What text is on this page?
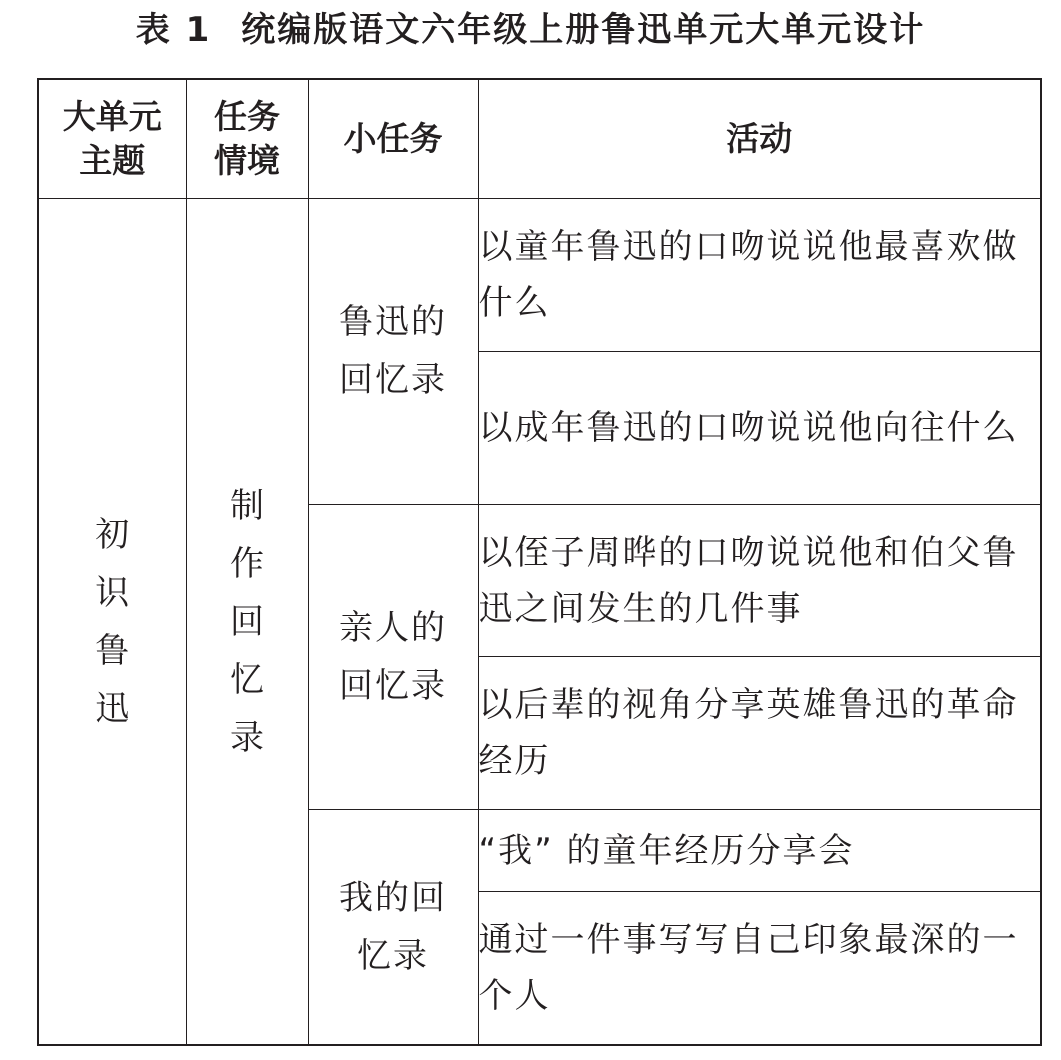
表 1 统编版语文六年级上册鲁迅单元大单元设计
大单元主题	任务情境	小任务	活动
初识鲁迅	制作回忆录	鲁迅的回忆录	以童年鲁迅的口吻说说他最喜欢做什么
			以成年鲁迅的口吻说说他向往什么
		亲人的回忆录	以侄子周晔的口吻说说他和伯父鲁迅之间发生的几件事
			以后辈的视角分享英雄鲁迅的革命经历
		我的回忆录	“我” 的童年经历分享会
			通过一件事写写自己印象最深的一个人
